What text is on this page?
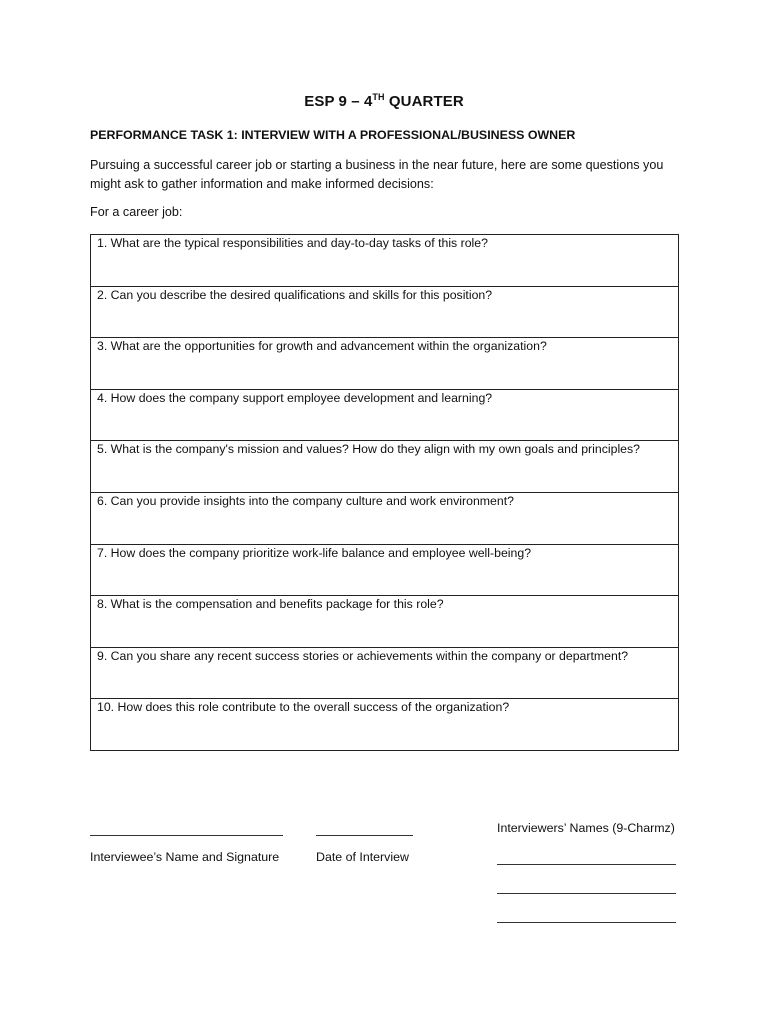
ESP 9 – 4TH QUARTER
PERFORMANCE TASK 1: INTERVIEW WITH A PROFESSIONAL/BUSINESS OWNER
Pursuing a successful career job or starting a business in the near future, here are some questions you might ask to gather information and make informed decisions:
For a career job:
1. What are the typical responsibilities and day-to-day tasks of this role?
2. Can you describe the desired qualifications and skills for this position?
3. What are the opportunities for growth and advancement within the organization?
4. How does the company support employee development and learning?
5. What is the company's mission and values? How do they align with my own goals and principles?
6. Can you provide insights into the company culture and work environment?
7. How does the company prioritize work-life balance and employee well-being?
8. What is the compensation and benefits package for this role?
9. Can you share any recent success stories or achievements within the company or department?
10. How does this role contribute to the overall success of the organization?
Interviewee’s Name and Signature	Date of Interview
Interviewers’ Names (9-Charmz)
